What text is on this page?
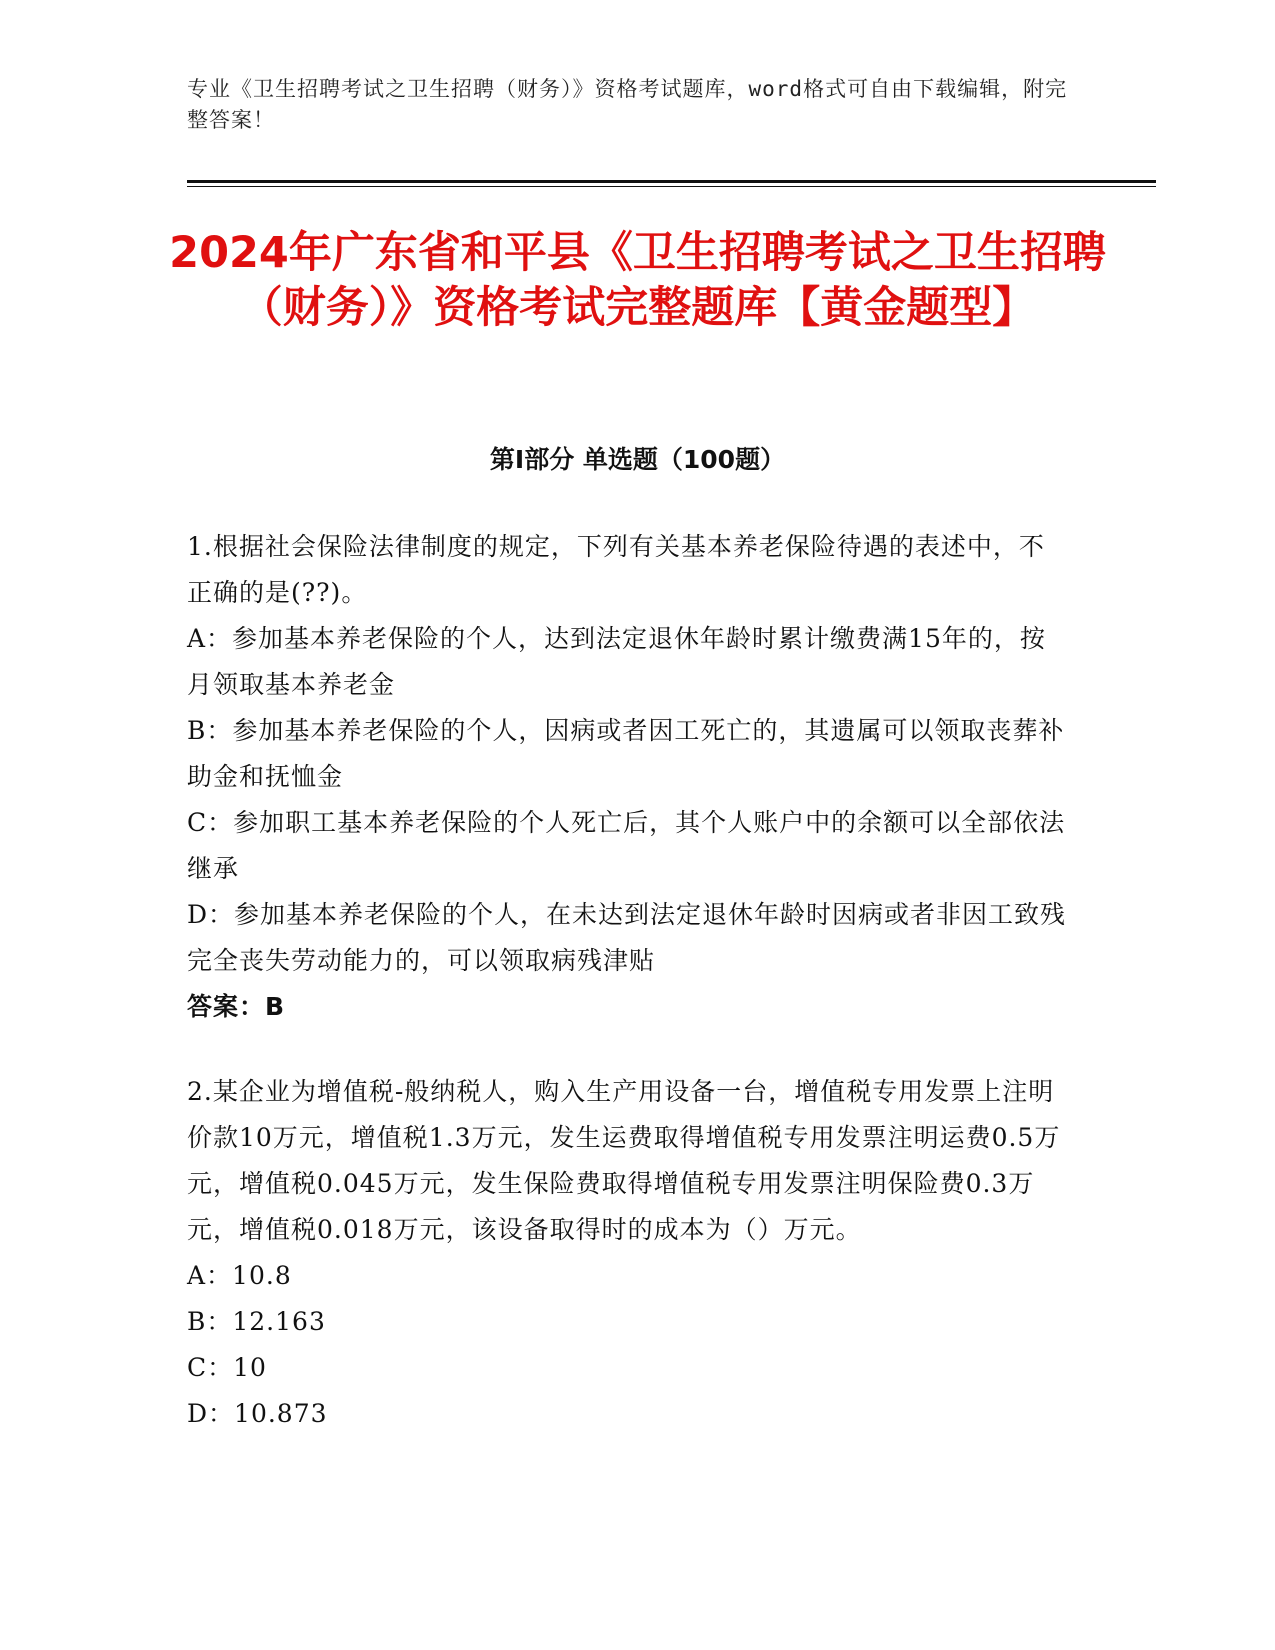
专业《卫生招聘考试之卫生招聘（财务）》资格考试题库，word格式可自由下载编辑，附完整答案！
2024年广东省和平县《卫生招聘考试之卫生招聘（财务）》资格考试完整题库【黄金题型】
第I部分 单选题（100题）

1.根据社会保险法律制度的规定，下列有关基本养老保险待遇的表述中，不正确的是(??)。

A：参加基本养老保险的个人，达到法定退休年龄时累计缴费满15年的，按月领取基本养老金

B：参加基本养老保险的个人，因病或者因工死亡的，其遗属可以领取丧葬补助金和抚恤金

C：参加职工基本养老保险的个人死亡后，其个人账户中的余额可以全部依法继承

D：参加基本养老保险的个人，在未达到法定退休年龄时因病或者非因工致残完全丧失劳动能力的，可以领取病残津贴

答案：B

2.某企业为增值税-般纳税人，购入生产用设备一台，增值税专用发票上注明价款10万元，增值税1.3万元，发生运费取得增值税专用发票注明运费0.5万元，增值税0.045万元，发生保险费取得增值税专用发票注明保险费0.3万元，增值税0.018万元，该设备取得时的成本为（）万元。

A：10.8

B：12.163

C：10

D：10.873
